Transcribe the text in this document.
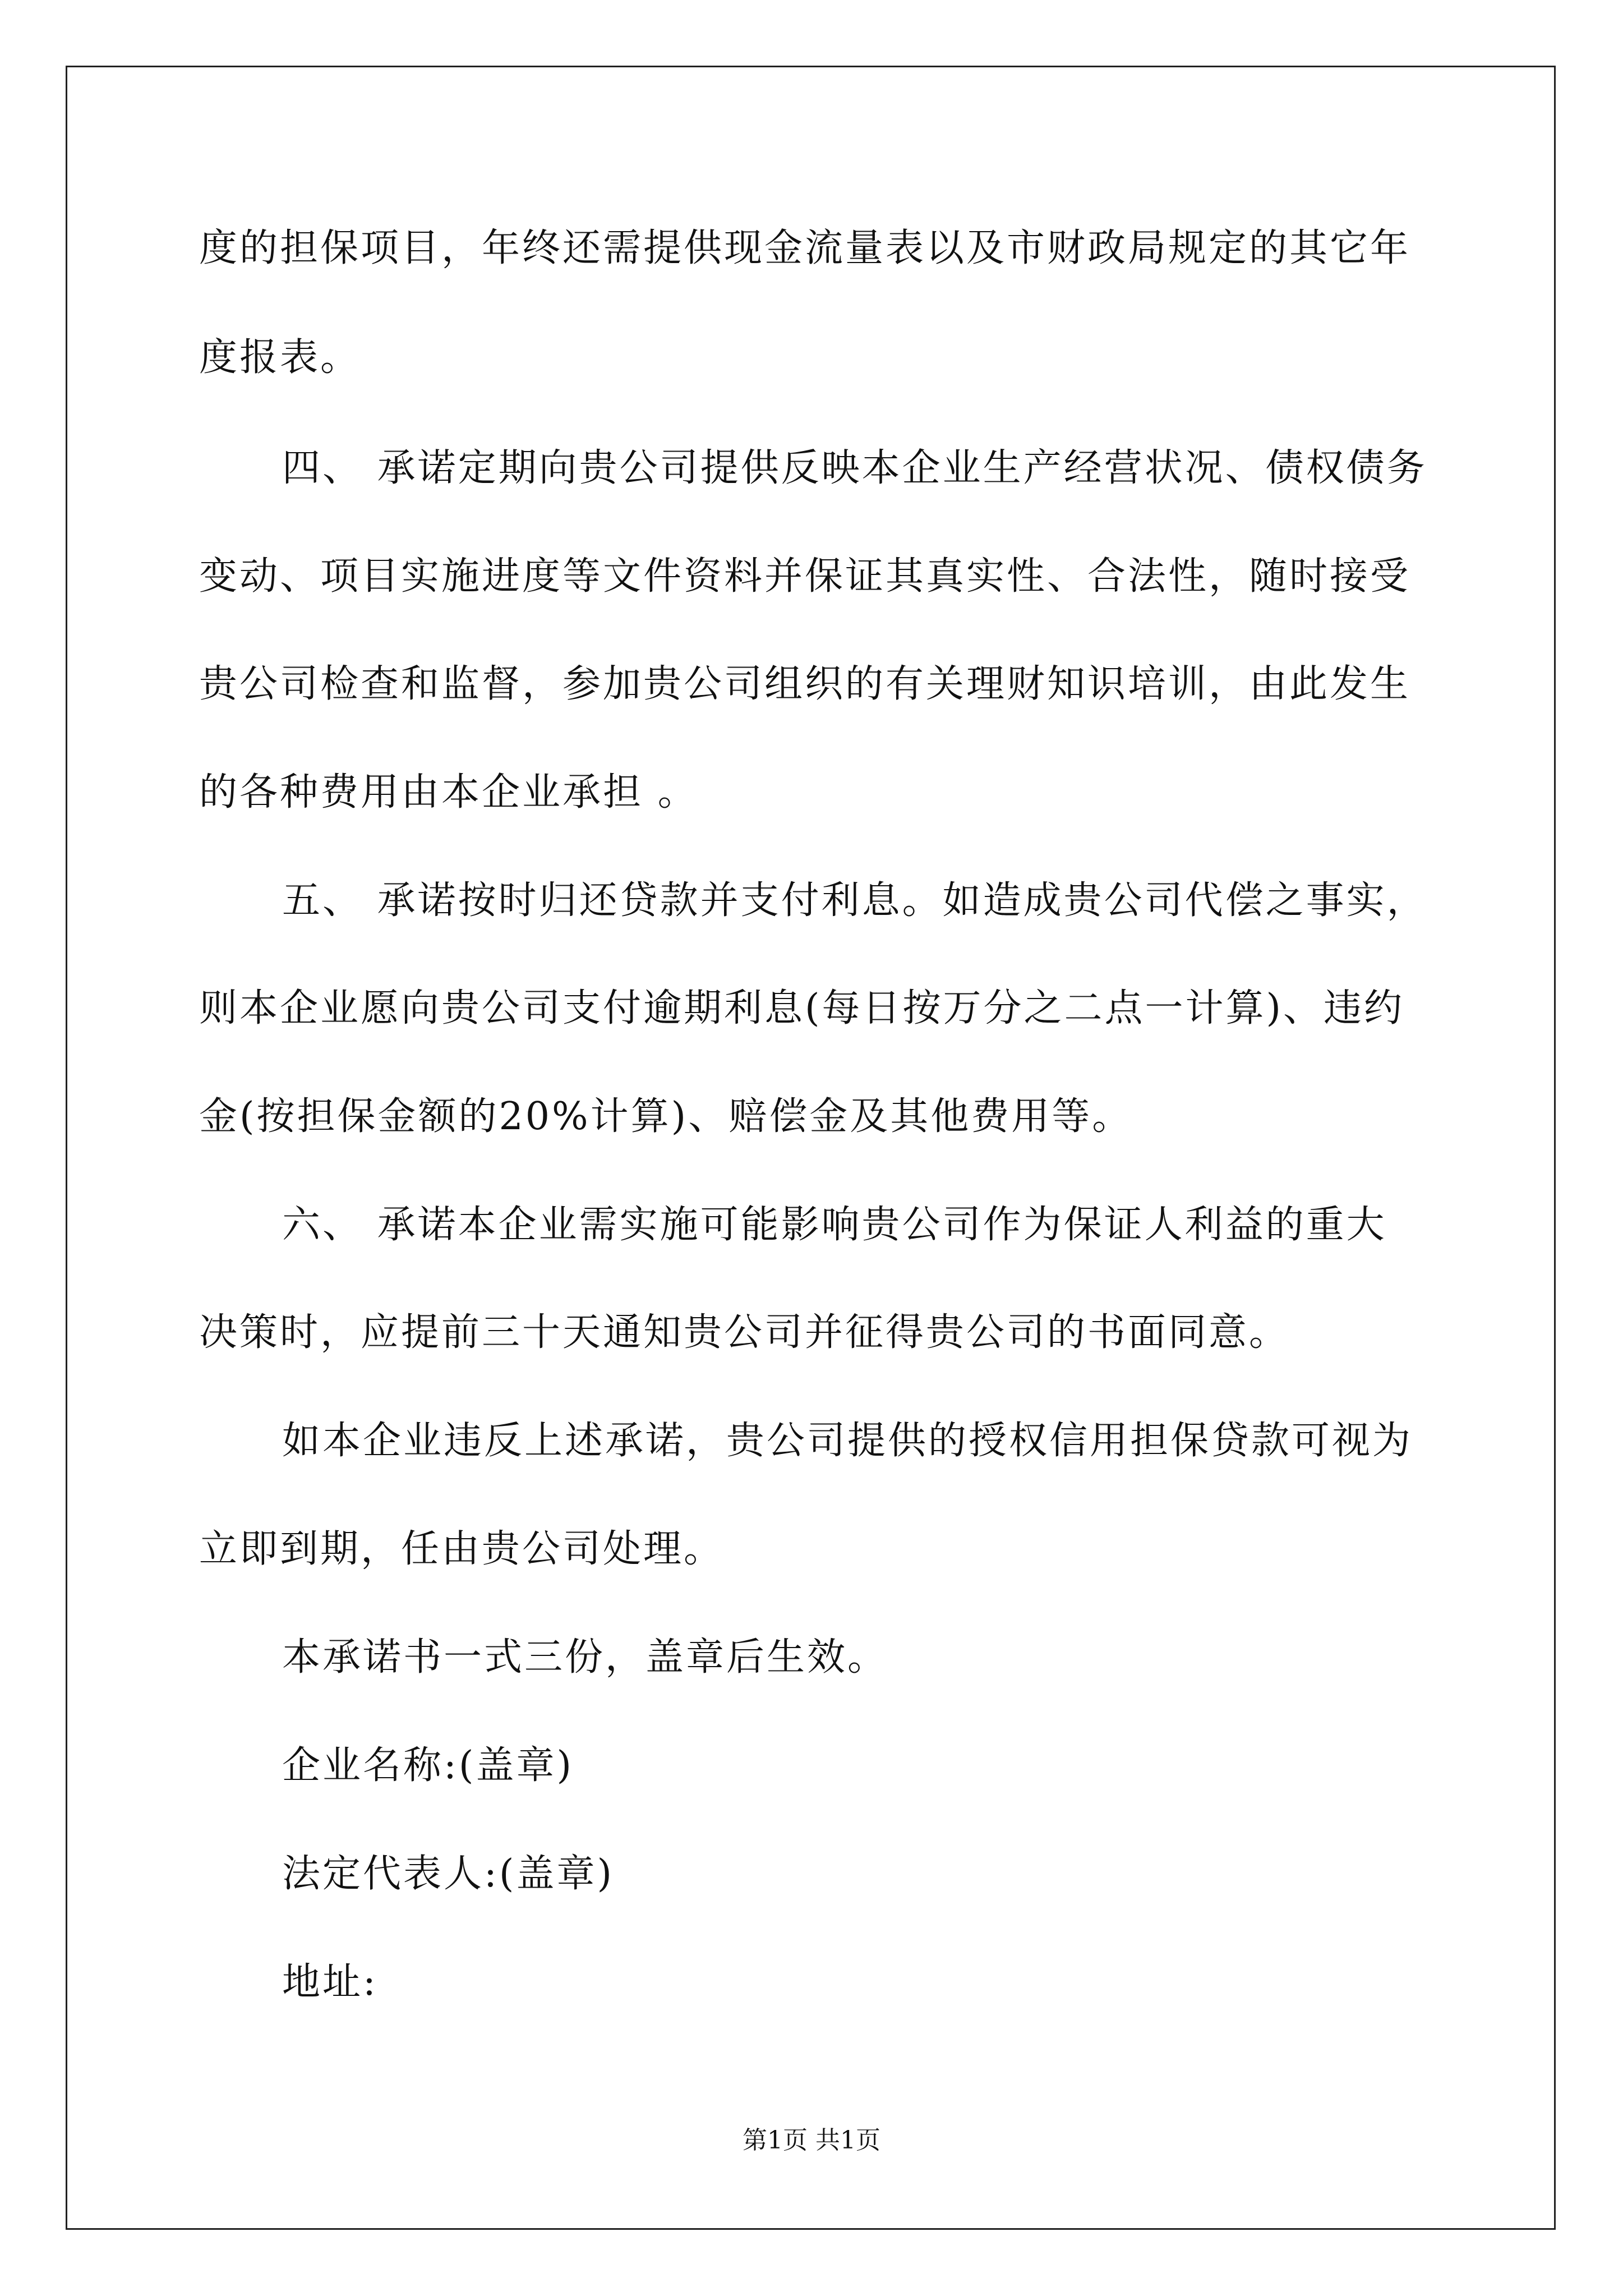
度的担保项目，年终还需提供现金流量表以及市财政局规定的其它年
度报表。
四、 承诺定期向贵公司提供反映本企业生产经营状况、债权债务
变动、项目实施进度等文件资料并保证其真实性、合法性，随时接受
贵公司检查和监督，参加贵公司组织的有关理财知识培训，由此发生
的各种费用由本企业承担 。
五、 承诺按时归还贷款并支付利息。如造成贵公司代偿之事实，
则本企业愿向贵公司支付逾期利息(每日按万分之二点一计算)、违约
金(按担保金额的20%计算)、赔偿金及其他费用等。
六、 承诺本企业需实施可能影响贵公司作为保证人利益的重大
决策时，应提前三十天通知贵公司并征得贵公司的书面同意。
如本企业违反上述承诺，贵公司提供的授权信用担保贷款可视为
立即到期，任由贵公司处理。
本承诺书一式三份，盖章后生效。
企业名称:(盖章)
法定代表人:(盖章)
地址:
第1页 共1页
